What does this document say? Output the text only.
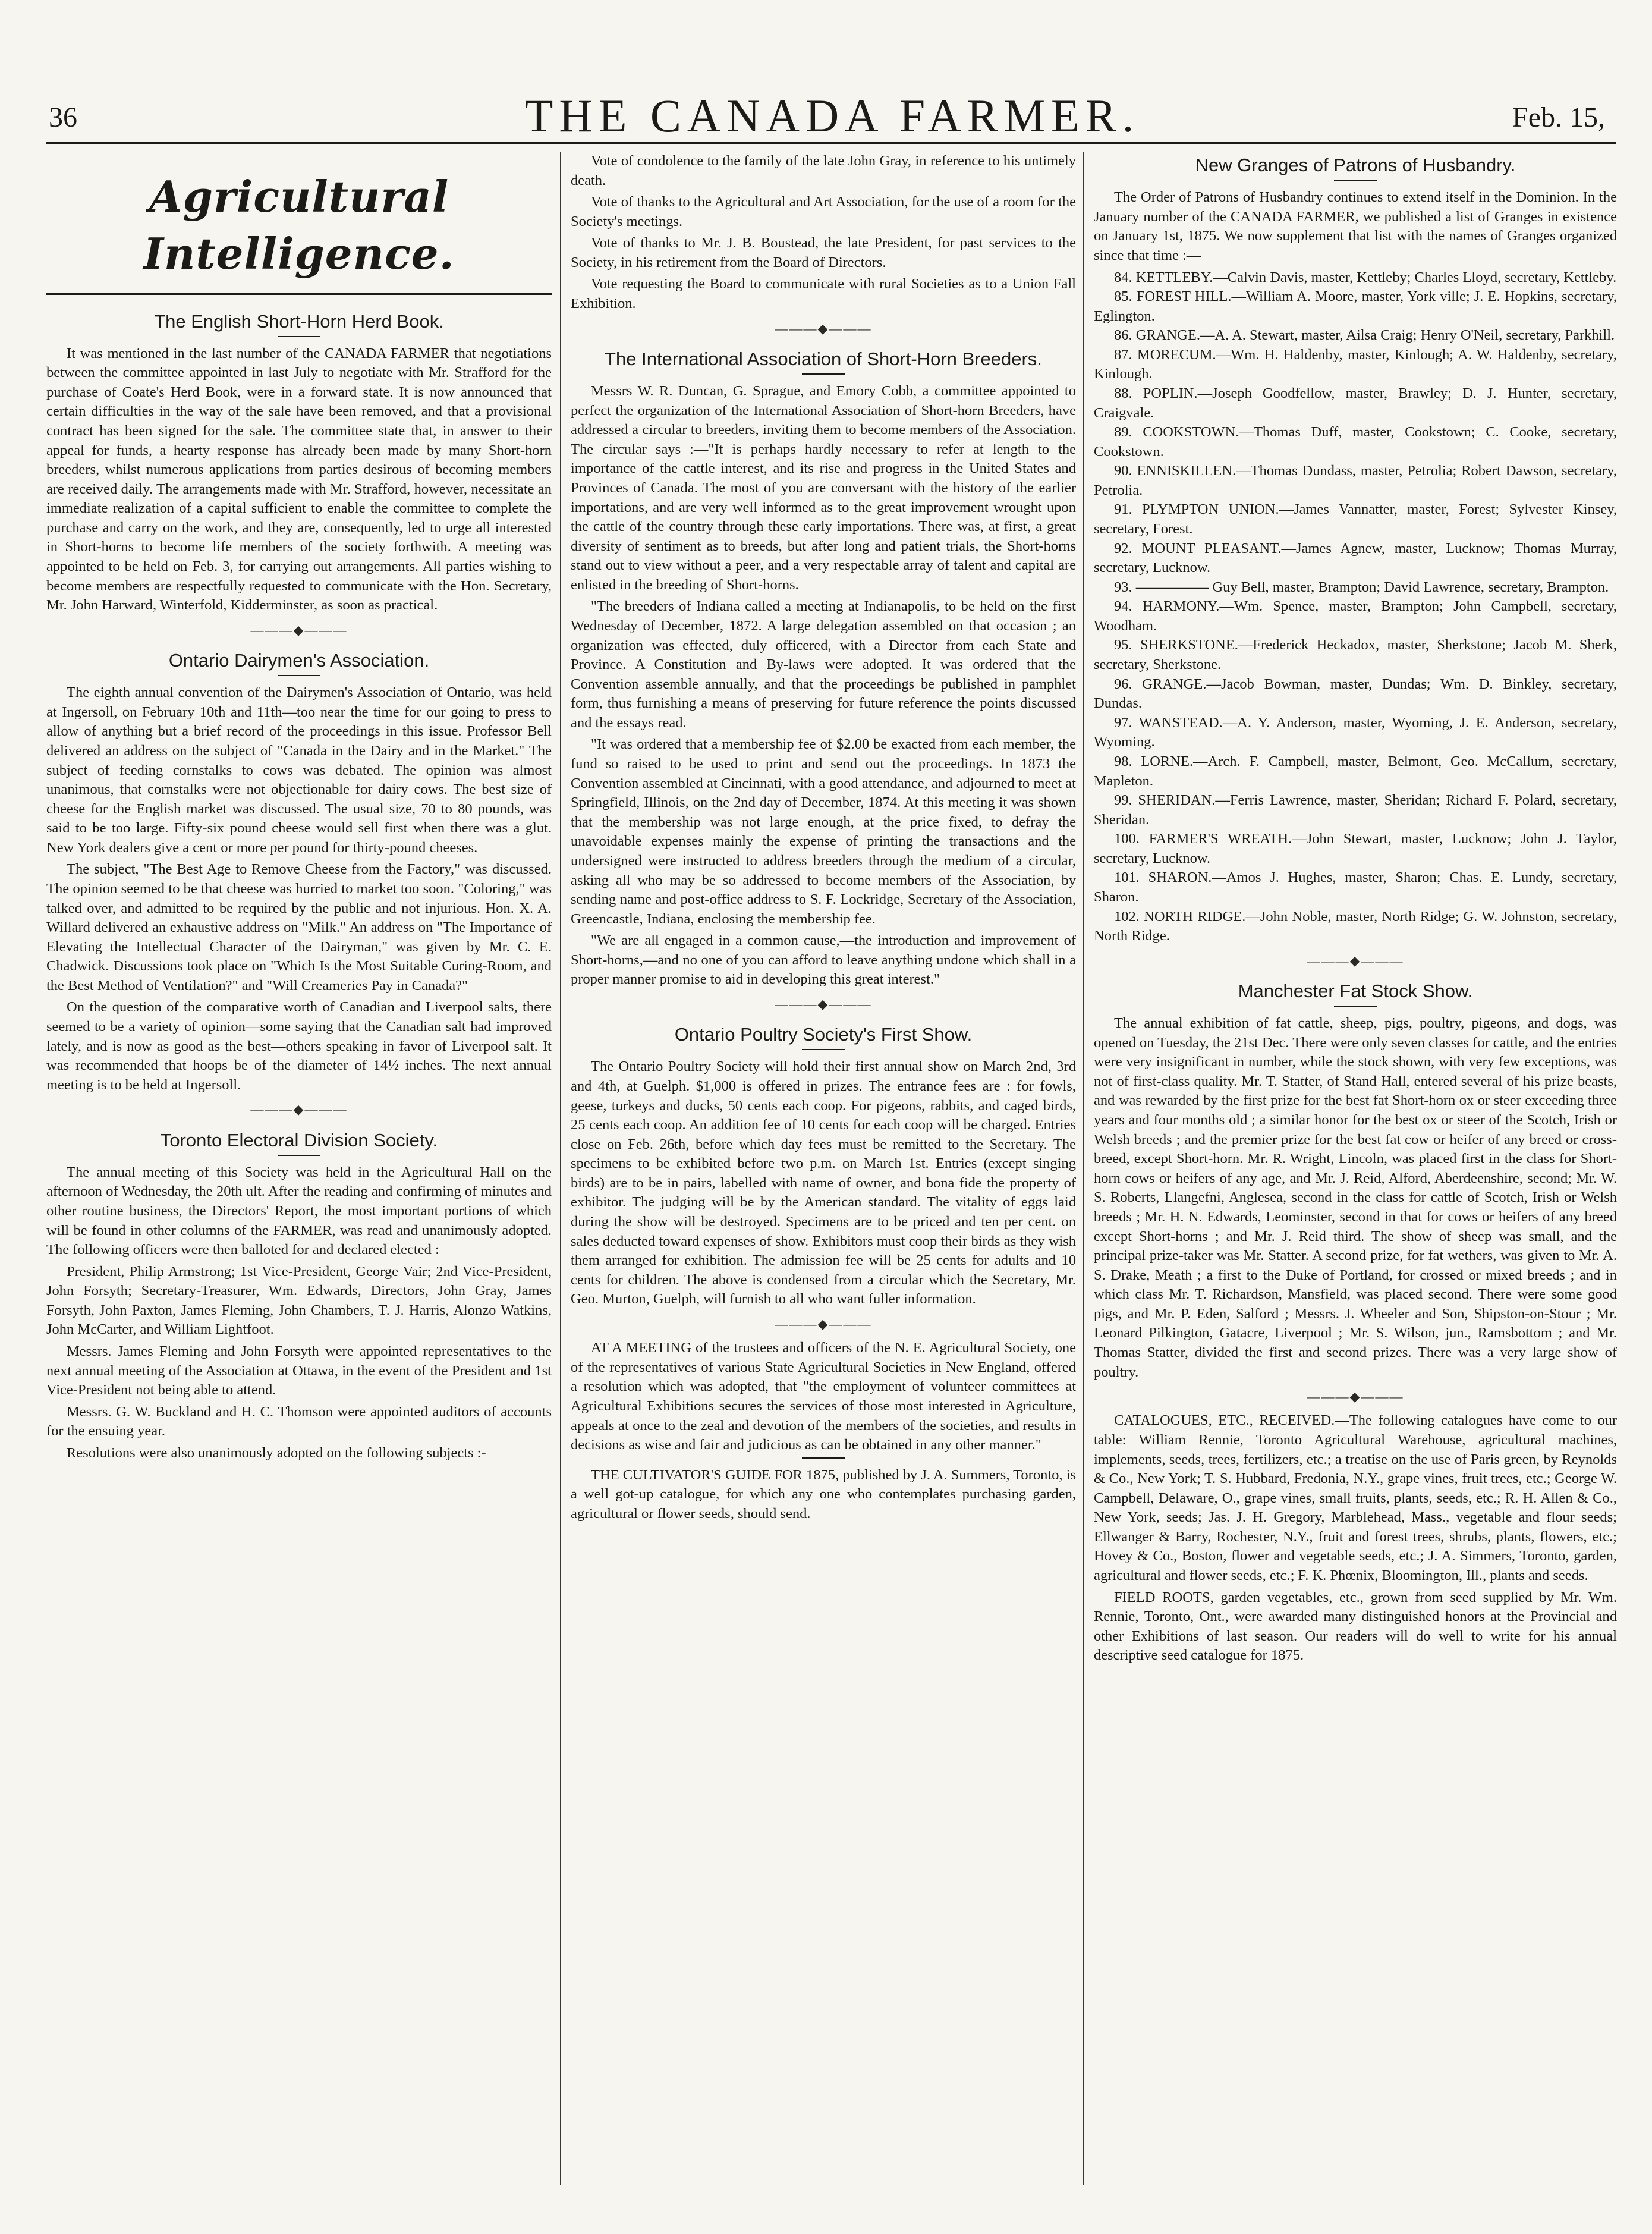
36	THE CANADA FARMER.	Feb. 15,
Agricultural Intelligence.
The English Short-Horn Herd Book.

It was mentioned in the last number of the CANADA FARMER that negotiations between the committee appointed in last July to negotiate with Mr. Strafford for the purchase of Coate's Herd Book, were in a forward state. It is now announced that certain difficulties in the way of the sale have been removed, and that a provisional contract has been signed for the sale. The committee state that, in answer to their appeal for funds, a hearty response has already been made by many Short-horn breeders, whilst numerous applications from parties desirous of becoming members are received daily. The arrangements made with Mr. Strafford, however, necessitate an immediate realization of a capital sufficient to enable the committee to complete the purchase and carry on the work, and they are, consequently, led to urge all interested in Short-horns to become life members of the society forthwith. A meeting was appointed to be held on Feb. 3, for carrying out arrangements. All parties wishing to become members are respectfully requested to communicate with the Hon. Secretary, Mr. John Harward, Winterfold, Kidderminster, as soon as practical.

———◆———
Ontario Dairymen's Association.

The eighth annual convention of the Dairymen's Association of Ontario, was held at Ingersoll, on February 10th and 11th—too near the time for our going to press to allow of anything but a brief record of the proceedings in this issue. Professor Bell delivered an address on the subject of "Canada in the Dairy and in the Market." The subject of feeding cornstalks to cows was debated. The opinion was almost unanimous, that cornstalks were not objectionable for dairy cows. The best size of cheese for the English market was discussed. The usual size, 70 to 80 pounds, was said to be too large. Fifty-six pound cheese would sell first when there was a glut. New York dealers give a cent or more per pound for thirty-pound cheeses.

The subject, "The Best Age to Remove Cheese from the Factory," was discussed. The opinion seemed to be that cheese was hurried to market too soon. "Coloring," was talked over, and admitted to be required by the public and not injurious. Hon. X. A. Willard delivered an exhaustive address on "Milk." An address on "The Importance of Elevating the Intellectual Character of the Dairyman," was given by Mr. C. E. Chadwick. Discussions took place on "Which Is the Most Suitable Curing-Room, and the Best Method of Ventilation?" and "Will Creameries Pay in Canada?"

On the question of the comparative worth of Canadian and Liverpool salts, there seemed to be a variety of opinion—some saying that the Canadian salt had improved lately, and is now as good as the best—others speaking in favor of Liverpool salt. It was recommended that hoops be of the diameter of 14½ inches. The next annual meeting is to be held at Ingersoll.

———◆———
Toronto Electoral Division Society.

The annual meeting of this Society was held in the Agricultural Hall on the afternoon of Wednesday, the 20th ult. After the reading and confirming of minutes and other routine business, the Directors' Report, the most important portions of which will be found in other columns of the FARMER, was read and unanimously adopted. The following officers were then balloted for and declared elected :

President, Philip Armstrong; 1st Vice-President, George Vair; 2nd Vice-President, John Forsyth; Secretary-Treasurer, Wm. Edwards, Directors, John Gray, James Forsyth, John Paxton, James Fleming, John Chambers, T. J. Harris, Alonzo Watkins, John McCarter, and William Lightfoot.

Messrs. James Fleming and John Forsyth were appointed representatives to the next annual meeting of the Association at Ottawa, in the event of the President and 1st Vice-President not being able to attend.

Messrs. G. W. Buckland and H. C. Thomson were appointed auditors of accounts for the ensuing year.

Resolutions were also unanimously adopted on the following subjects :-

Vote of condolence to the family of the late John Gray, in reference to his untimely death.

Vote of thanks to the Agricultural and Art Association, for the use of a room for the Society's meetings.

Vote of thanks to Mr. J. B. Boustead, the late President, for past services to the Society, in his retirement from the Board of Directors.

Vote requesting the Board to communicate with rural Societies as to a Union Fall Exhibition.

———◆———
The International Association of Short-Horn Breeders.

Messrs W. R. Duncan, G. Sprague, and Emory Cobb, a committee appointed to perfect the organization of the International Association of Short-horn Breeders, have addressed a circular to breeders, inviting them to become members of the Association. The circular says :—"It is perhaps hardly necessary to refer at length to the importance of the cattle interest, and its rise and progress in the United States and Provinces of Canada. The most of you are conversant with the history of the earlier importations, and are very well informed as to the great improvement wrought upon the cattle of the country through these early importations. There was, at first, a great diversity of sentiment as to breeds, but after long and patient trials, the Short-horns stand out to view without a peer, and a very respectable array of talent and capital are enlisted in the breeding of Short-horns.

"The breeders of Indiana called a meeting at Indianapolis, to be held on the first Wednesday of December, 1872. A large delegation assembled on that occasion ; an organization was effected, duly officered, with a Director from each State and Province. A Constitution and By-laws were adopted. It was ordered that the Convention assemble annually, and that the proceedings be published in pamphlet form, thus furnishing a means of preserving for future reference the points discussed and the essays read.

"It was ordered that a membership fee of $2.00 be exacted from each member, the fund so raised to be used to print and send out the proceedings. In 1873 the Convention assembled at Cincinnati, with a good attendance, and adjourned to meet at Springfield, Illinois, on the 2nd day of December, 1874. At this meeting it was shown that the membership was not large enough, at the price fixed, to defray the unavoidable expenses mainly the expense of printing the transactions and the undersigned were instructed to address breeders through the medium of a circular, asking all who may be so addressed to become members of the Association, by sending name and post-office address to S. F. Lockridge, Secretary of the Association, Greencastle, Indiana, enclosing the membership fee.

"We are all engaged in a common cause,—the introduction and improvement of Short-horns,—and no one of you can afford to leave anything undone which shall in a proper manner promise to aid in developing this great interest."

———◆———
Ontario Poultry Society's First Show.

The Ontario Poultry Society will hold their first annual show on March 2nd, 3rd and 4th, at Guelph. $1,000 is offered in prizes. The entrance fees are : for fowls, geese, turkeys and ducks, 50 cents each coop. For pigeons, rabbits, and caged birds, 25 cents each coop. An addition fee of 10 cents for each coop will be charged. Entries close on Feb. 26th, before which day fees must be remitted to the Secretary. The specimens to be exhibited before two p.m. on March 1st. Entries (except singing birds) are to be in pairs, labelled with name of owner, and bona fide the property of exhibitor. The judging will be by the American standard. The vitality of eggs laid during the show will be destroyed. Specimens are to be priced and ten per cent. on sales deducted toward expenses of show. Exhibitors must coop their birds as they wish them arranged for exhibition. The admission fee will be 25 cents for adults and 10 cents for children. The above is condensed from a circular which the Secretary, Mr. Geo. Murton, Guelph, will furnish to all who want fuller information.

———◆———

AT A MEETING of the trustees and officers of the N. E. Agricultural Society, one of the representatives of various State Agricultural Societies in New England, offered a resolution which was adopted, that "the employment of volunteer committees at Agricultural Exhibitions secures the services of those most interested in Agriculture, appeals at once to the zeal and devotion of the members of the societies, and results in decisions as wise and fair and judicious as can be obtained in any other manner."

THE CULTIVATOR'S GUIDE FOR 1875, published by J. A. Summers, Toronto, is a well got-up catalogue, for which any one who contemplates purchasing garden, agricultural or flower seeds, should send.

New Granges of Patrons of Husbandry.

The Order of Patrons of Husbandry continues to extend itself in the Dominion. In the January number of the CANADA FARMER, we published a list of Granges in existence on January 1st, 1875. We now supplement that list with the names of Granges organized since that time :—

84. KETTLEBY.—Calvin Davis, master, Kettleby; Charles Lloyd, secretary, Kettleby.

85. FOREST HILL.—William A. Moore, master, York ville; J. E. Hopkins, secretary, Eglington.

86. GRANGE.—A. A. Stewart, master, Ailsa Craig; Henry O'Neil, secretary, Parkhill.

87. MORECUM.—Wm. H. Haldenby, master, Kinlough; A. W. Haldenby, secretary, Kinlough.

88. POPLIN.—Joseph Goodfellow, master, Brawley; D. J. Hunter, secretary, Craigvale.

89. COOKSTOWN.—Thomas Duff, master, Cookstown; C. Cooke, secretary, Cookstown.

90. ENNISKILLEN.—Thomas Dundass, master, Petrolia; Robert Dawson, secretary, Petrolia.

91. PLYMPTON UNION.—James Vannatter, master, Forest; Sylvester Kinsey, secretary, Forest.

92. MOUNT PLEASANT.—James Agnew, master, Lucknow; Thomas Murray, secretary, Lucknow.

93. ————— Guy Bell, master, Brampton; David Lawrence, secretary, Brampton.

94. HARMONY.—Wm. Spence, master, Brampton; John Campbell, secretary, Woodham.

95. SHERKSTONE.—Frederick Heckadox, master, Sherkstone; Jacob M. Sherk, secretary, Sherkstone.

96. GRANGE.—Jacob Bowman, master, Dundas; Wm. D. Binkley, secretary, Dundas.

97. WANSTEAD.—A. Y. Anderson, master, Wyoming, J. E. Anderson, secretary, Wyoming.

98. LORNE.—Arch. F. Campbell, master, Belmont, Geo. McCallum, secretary, Mapleton.

99. SHERIDAN.—Ferris Lawrence, master, Sheridan; Richard F. Polard, secretary, Sheridan.

100. FARMER'S WREATH.—John Stewart, master, Lucknow; John J. Taylor, secretary, Lucknow.

101. SHARON.—Amos J. Hughes, master, Sharon; Chas. E. Lundy, secretary, Sharon.

102. NORTH RIDGE.—John Noble, master, North Ridge; G. W. Johnston, secretary, North Ridge.

———◆———
Manchester Fat Stock Show.

The annual exhibition of fat cattle, sheep, pigs, poultry, pigeons, and dogs, was opened on Tuesday, the 21st Dec. There were only seven classes for cattle, and the entries were very insignificant in number, while the stock shown, with very few exceptions, was not of first-class quality. Mr. T. Statter, of Stand Hall, entered several of his prize beasts, and was rewarded by the first prize for the best fat Short-horn ox or steer exceeding three years and four months old ; a similar honor for the best ox or steer of the Scotch, Irish or Welsh breeds ; and the premier prize for the best fat cow or heifer of any breed or cross-breed, except Short-horn. Mr. R. Wright, Lincoln, was placed first in the class for Short-horn cows or heifers of any age, and Mr. J. Reid, Alford, Aberdeenshire, second; Mr. W. S. Roberts, Llangefni, Anglesea, second in the class for cattle of Scotch, Irish or Welsh breeds ; Mr. H. N. Edwards, Leominster, second in that for cows or heifers of any breed except Short-horns ; and Mr. J. Reid third. The show of sheep was small, and the principal prize-taker was Mr. Statter. A second prize, for fat wethers, was given to Mr. A. S. Drake, Meath ; a first to the Duke of Portland, for crossed or mixed breeds ; and in which class Mr. T. Richardson, Mansfield, was placed second. There were some good pigs, and Mr. P. Eden, Salford ; Messrs. J. Wheeler and Son, Shipston-on-Stour ; Mr. Leonard Pilkington, Gatacre, Liverpool ; Mr. S. Wilson, jun., Ramsbottom ; and Mr. Thomas Statter, divided the first and second prizes. There was a very large show of poultry.

———◆———

CATALOGUES, ETC., RECEIVED.—The following catalogues have come to our table: William Rennie, Toronto Agricultural Warehouse, agricultural machines, implements, seeds, trees, fertilizers, etc.; a treatise on the use of Paris green, by Reynolds & Co., New York; T. S. Hubbard, Fredonia, N.Y., grape vines, fruit trees, etc.; George W. Campbell, Delaware, O., grape vines, small fruits, plants, seeds, etc.; R. H. Allen & Co., New York, seeds; Jas. J. H. Gregory, Marblehead, Mass., vegetable and flour seeds; Ellwanger & Barry, Rochester, N.Y., fruit and forest trees, shrubs, plants, flowers, etc.; Hovey & Co., Boston, flower and vegetable seeds, etc.; J. A. Simmers, Toronto, garden, agricultural and flower seeds, etc.; F. K. Phœnix, Bloomington, Ill., plants and seeds.

FIELD ROOTS, garden vegetables, etc., grown from seed supplied by Mr. Wm. Rennie, Toronto, Ont., were awarded many distinguished honors at the Provincial and other Exhibitions of last season. Our readers will do well to write for his annual descriptive seed catalogue for 1875.
